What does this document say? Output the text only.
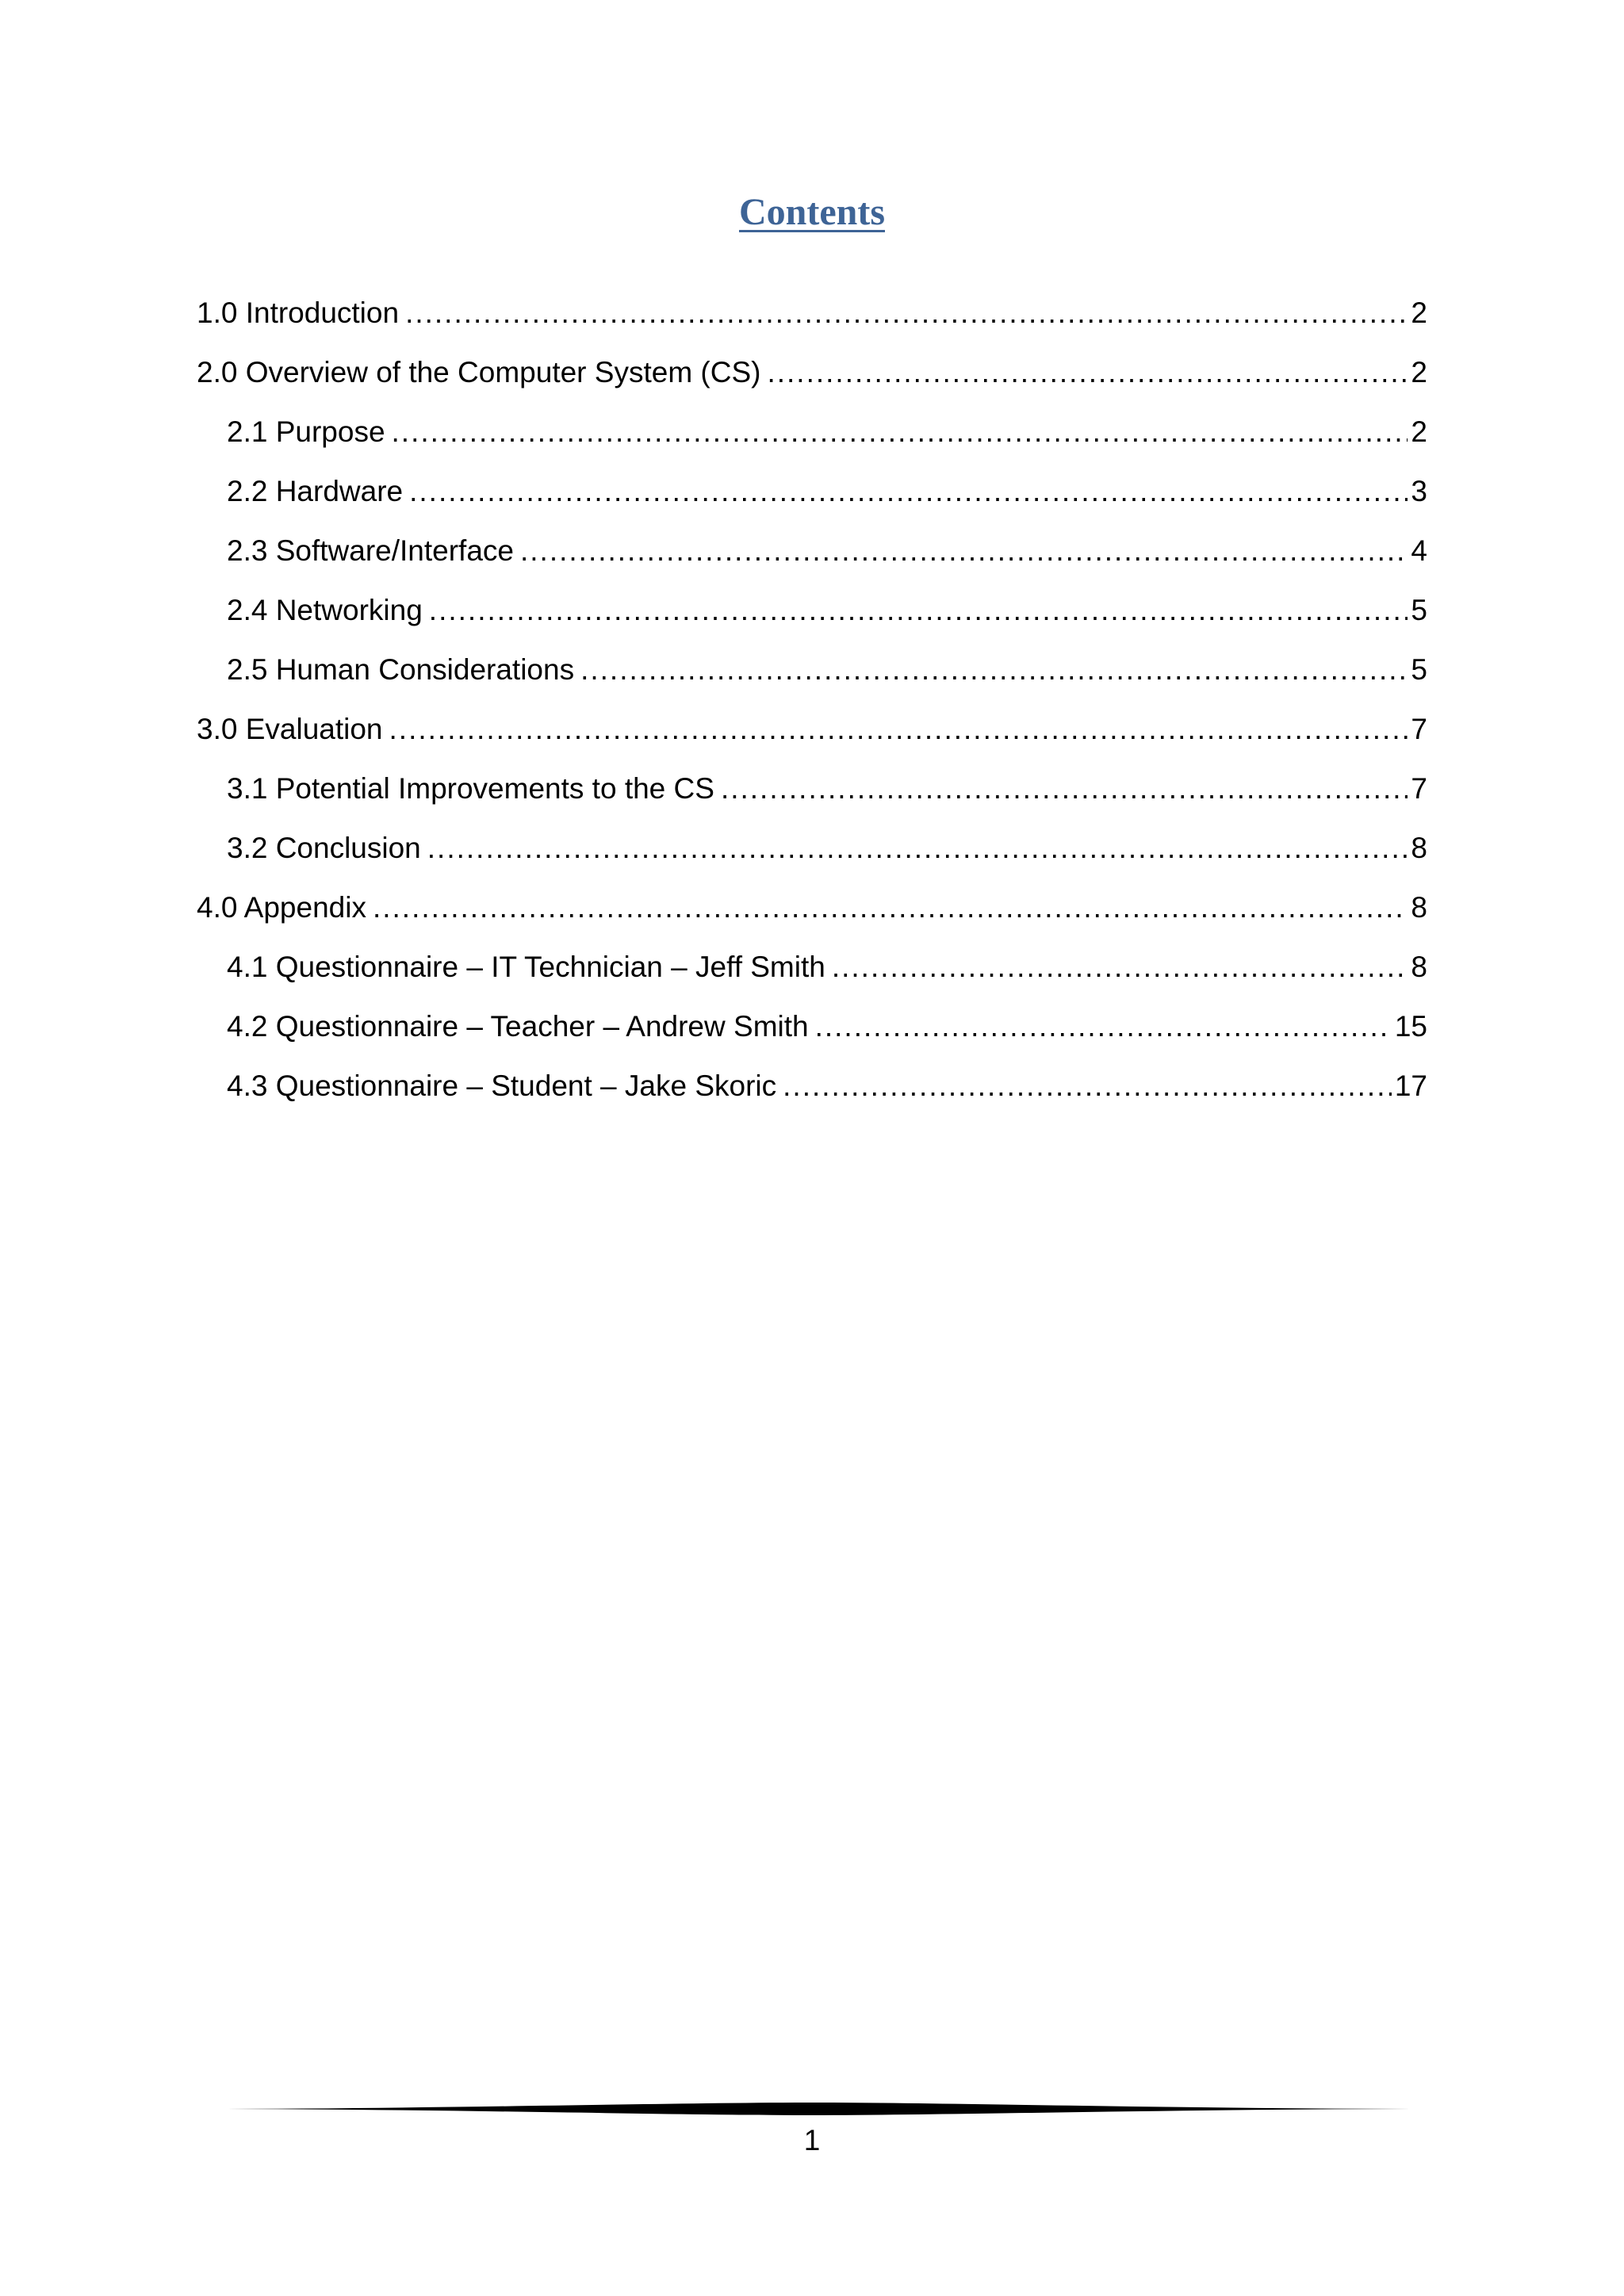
Contents
1.0 Introduction .....	2
2.0 Overview of the Computer System (CS) .....	2
2.1 Purpose .....	2
2.2 Hardware .....	3
2.3 Software/Interface .....	4
2.4 Networking .....	5
2.5 Human Considerations .....	5
3.0 Evaluation .....	7
3.1 Potential Improvements to the CS .....	7
3.2 Conclusion .....	8
4.0 Appendix .....	8
4.1 Questionnaire – IT Technician – Jeff Smith .....	8
4.2 Questionnaire – Teacher – Andrew Smith .....	15
4.3 Questionnaire – Student – Jake Skoric .....	17
1
